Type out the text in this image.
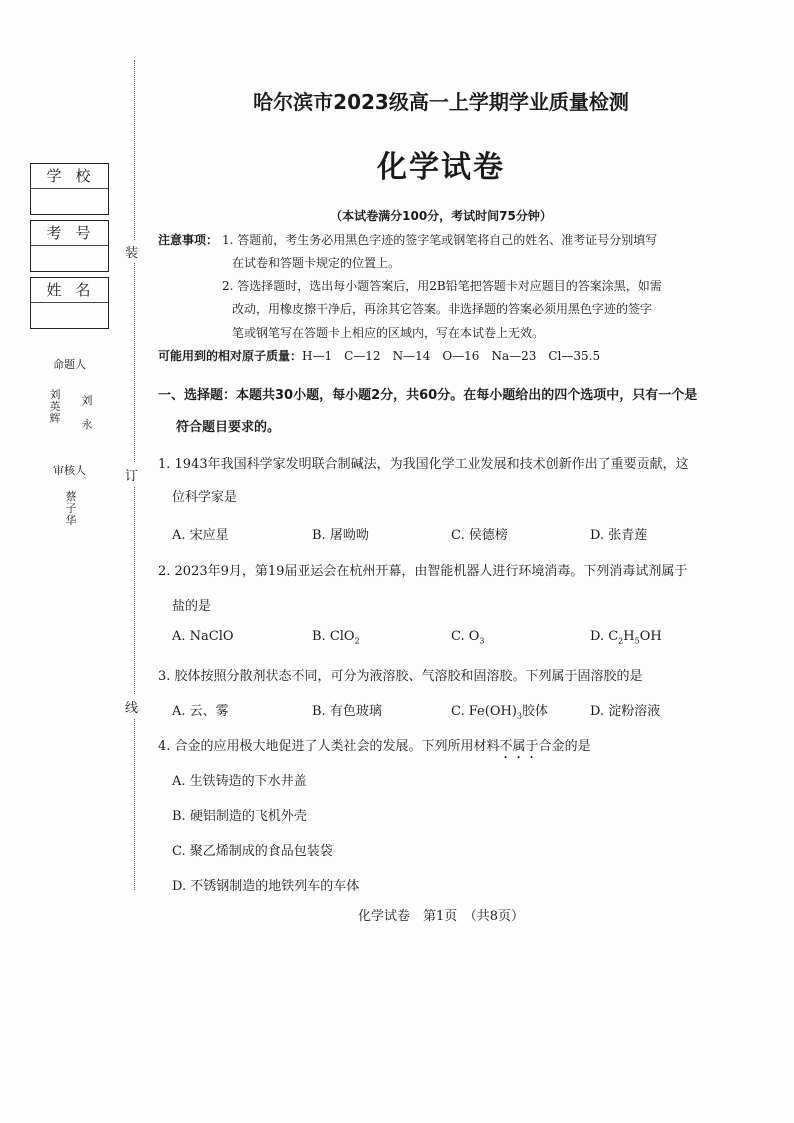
装
订
线
学校
考号
姓名
命题人
刘英辉
刘 永
审核人
蔡子华
哈尔滨市2023级高一上学期学业质量检测
化学试卷
（本试卷满分100分，考试时间75分钟）
注意事项： 1. 答题前，考生务必用黑色字迹的签字笔或钢笔将自己的姓名、准考证号分别填写
在试卷和答题卡规定的位置上。
2. 答选择题时，选出每小题答案后，用2B铅笔把答题卡对应题目的答案涂黑，如需
改动，用橡皮擦干净后，再涂其它答案。非选择题的答案必须用黑色字迹的签字
笔或钢笔写在答题卡上相应的区域内，写在本试卷上无效。
可能用到的相对原子质量：H—1　C—12　N—14　O—16　Na—23　Cl—35.5
一、选择题：本题共30小题，每小题2分，共60分。在每小题给出的四个选项中，只有一个是
符合题目要求的。
1. 1943年我国科学家发明联合制碱法，为我国化学工业发展和技术创新作出了重要贡献，这
位科学家是
A. 宋应星	B. 屠呦呦	C. 侯德榜	D. 张青莲
2. 2023年9月，第19届亚运会在杭州开幕，由智能机器人进行环境消毒。下列消毒试剂属于
盐的是
A. NaClO	B. ClO$_2$	C. $O_3$	D. $C_2H_5OH$
3. 胶体按照分散剂状态不同，可分为液溶胶、气溶胶和固溶胶。下列属于固溶胶的是
A. 云、雾	B. 有色玻璃	C. $Fe(OH)_3$胶体	D. 淀粉溶液
4. 合金的应用极大地促进了人类社会的发展。下列所用材料不属于合金的是
A. 生铁铸造的下水井盖
B. 硬铝制造的飞机外壳
C. 聚乙烯制成的食品包装袋
D. 不锈钢制造的地铁列车的车体
化学试卷　第1页　（共8页）
